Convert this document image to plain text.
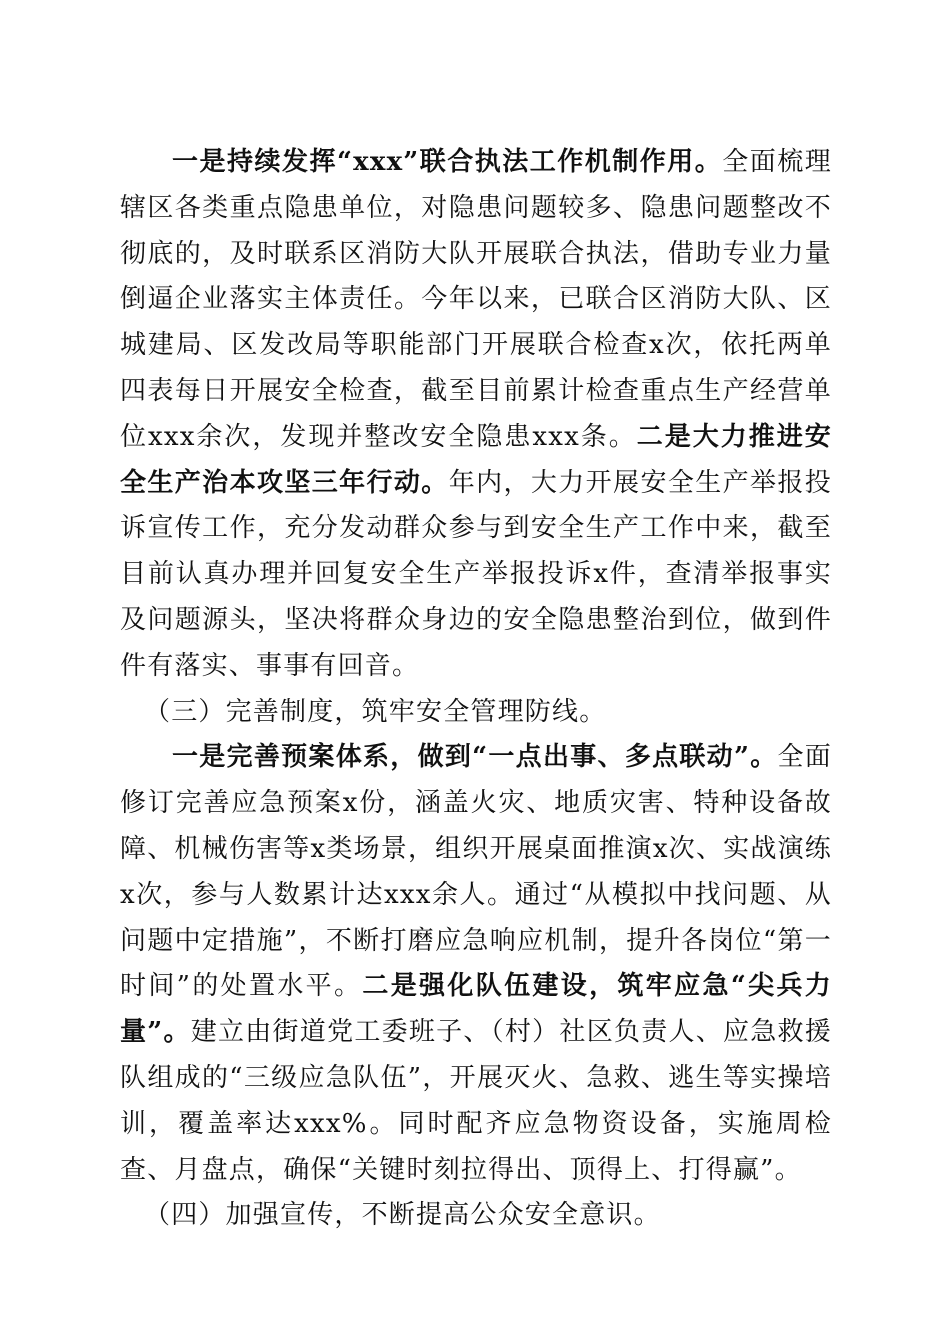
一是持续发挥“xxx”联合执法工作机制作用。全面梳理辖区各类重点隐患单位，对隐患问题较多、隐患问题整改不彻底的，及时联系区消防大队开展联合执法，借助专业力量倒逼企业落实主体责任。今年以来，已联合区消防大队、区城建局、区发改局等职能部门开展联合检查x次，依托两单四表每日开展安全检查，截至目前累计检查重点生产经营单位xxx余次，发现并整改安全隐患xxx条。二是大力推进安全生产治本攻坚三年行动。年内，大力开展安全生产举报投诉宣传工作，充分发动群众参与到安全生产工作中来，截至目前认真办理并回复安全生产举报投诉x件，查清举报事实及问题源头，坚决将群众身边的安全隐患整治到位，做到件件有落实、事事有回音。

（三）完善制度，筑牢安全管理防线。

一是完善预案体系，做到“一点出事、多点联动”。全面修订完善应急预案x份，涵盖火灾、地质灾害、特种设备故障、机械伤害等x类场景，组织开展桌面推演x次、实战演练x次，参与人数累计达xxx余人。通过“从模拟中找问题、从问题中定措施”，不断打磨应急响应机制，提升各岗位“第一时间”的处置水平。二是强化队伍建设，筑牢应急“尖兵力量”。建立由街道党工委班子、（村）社区负责人、应急救援队组成的“三级应急队伍”，开展灭火、急救、逃生等实操培训，覆盖率达xxx%。同时配齐应急物资设备，实施周检查、月盘点，确保“关键时刻拉得出、顶得上、打得赢”。

（四）加强宣传，不断提高公众安全意识。
